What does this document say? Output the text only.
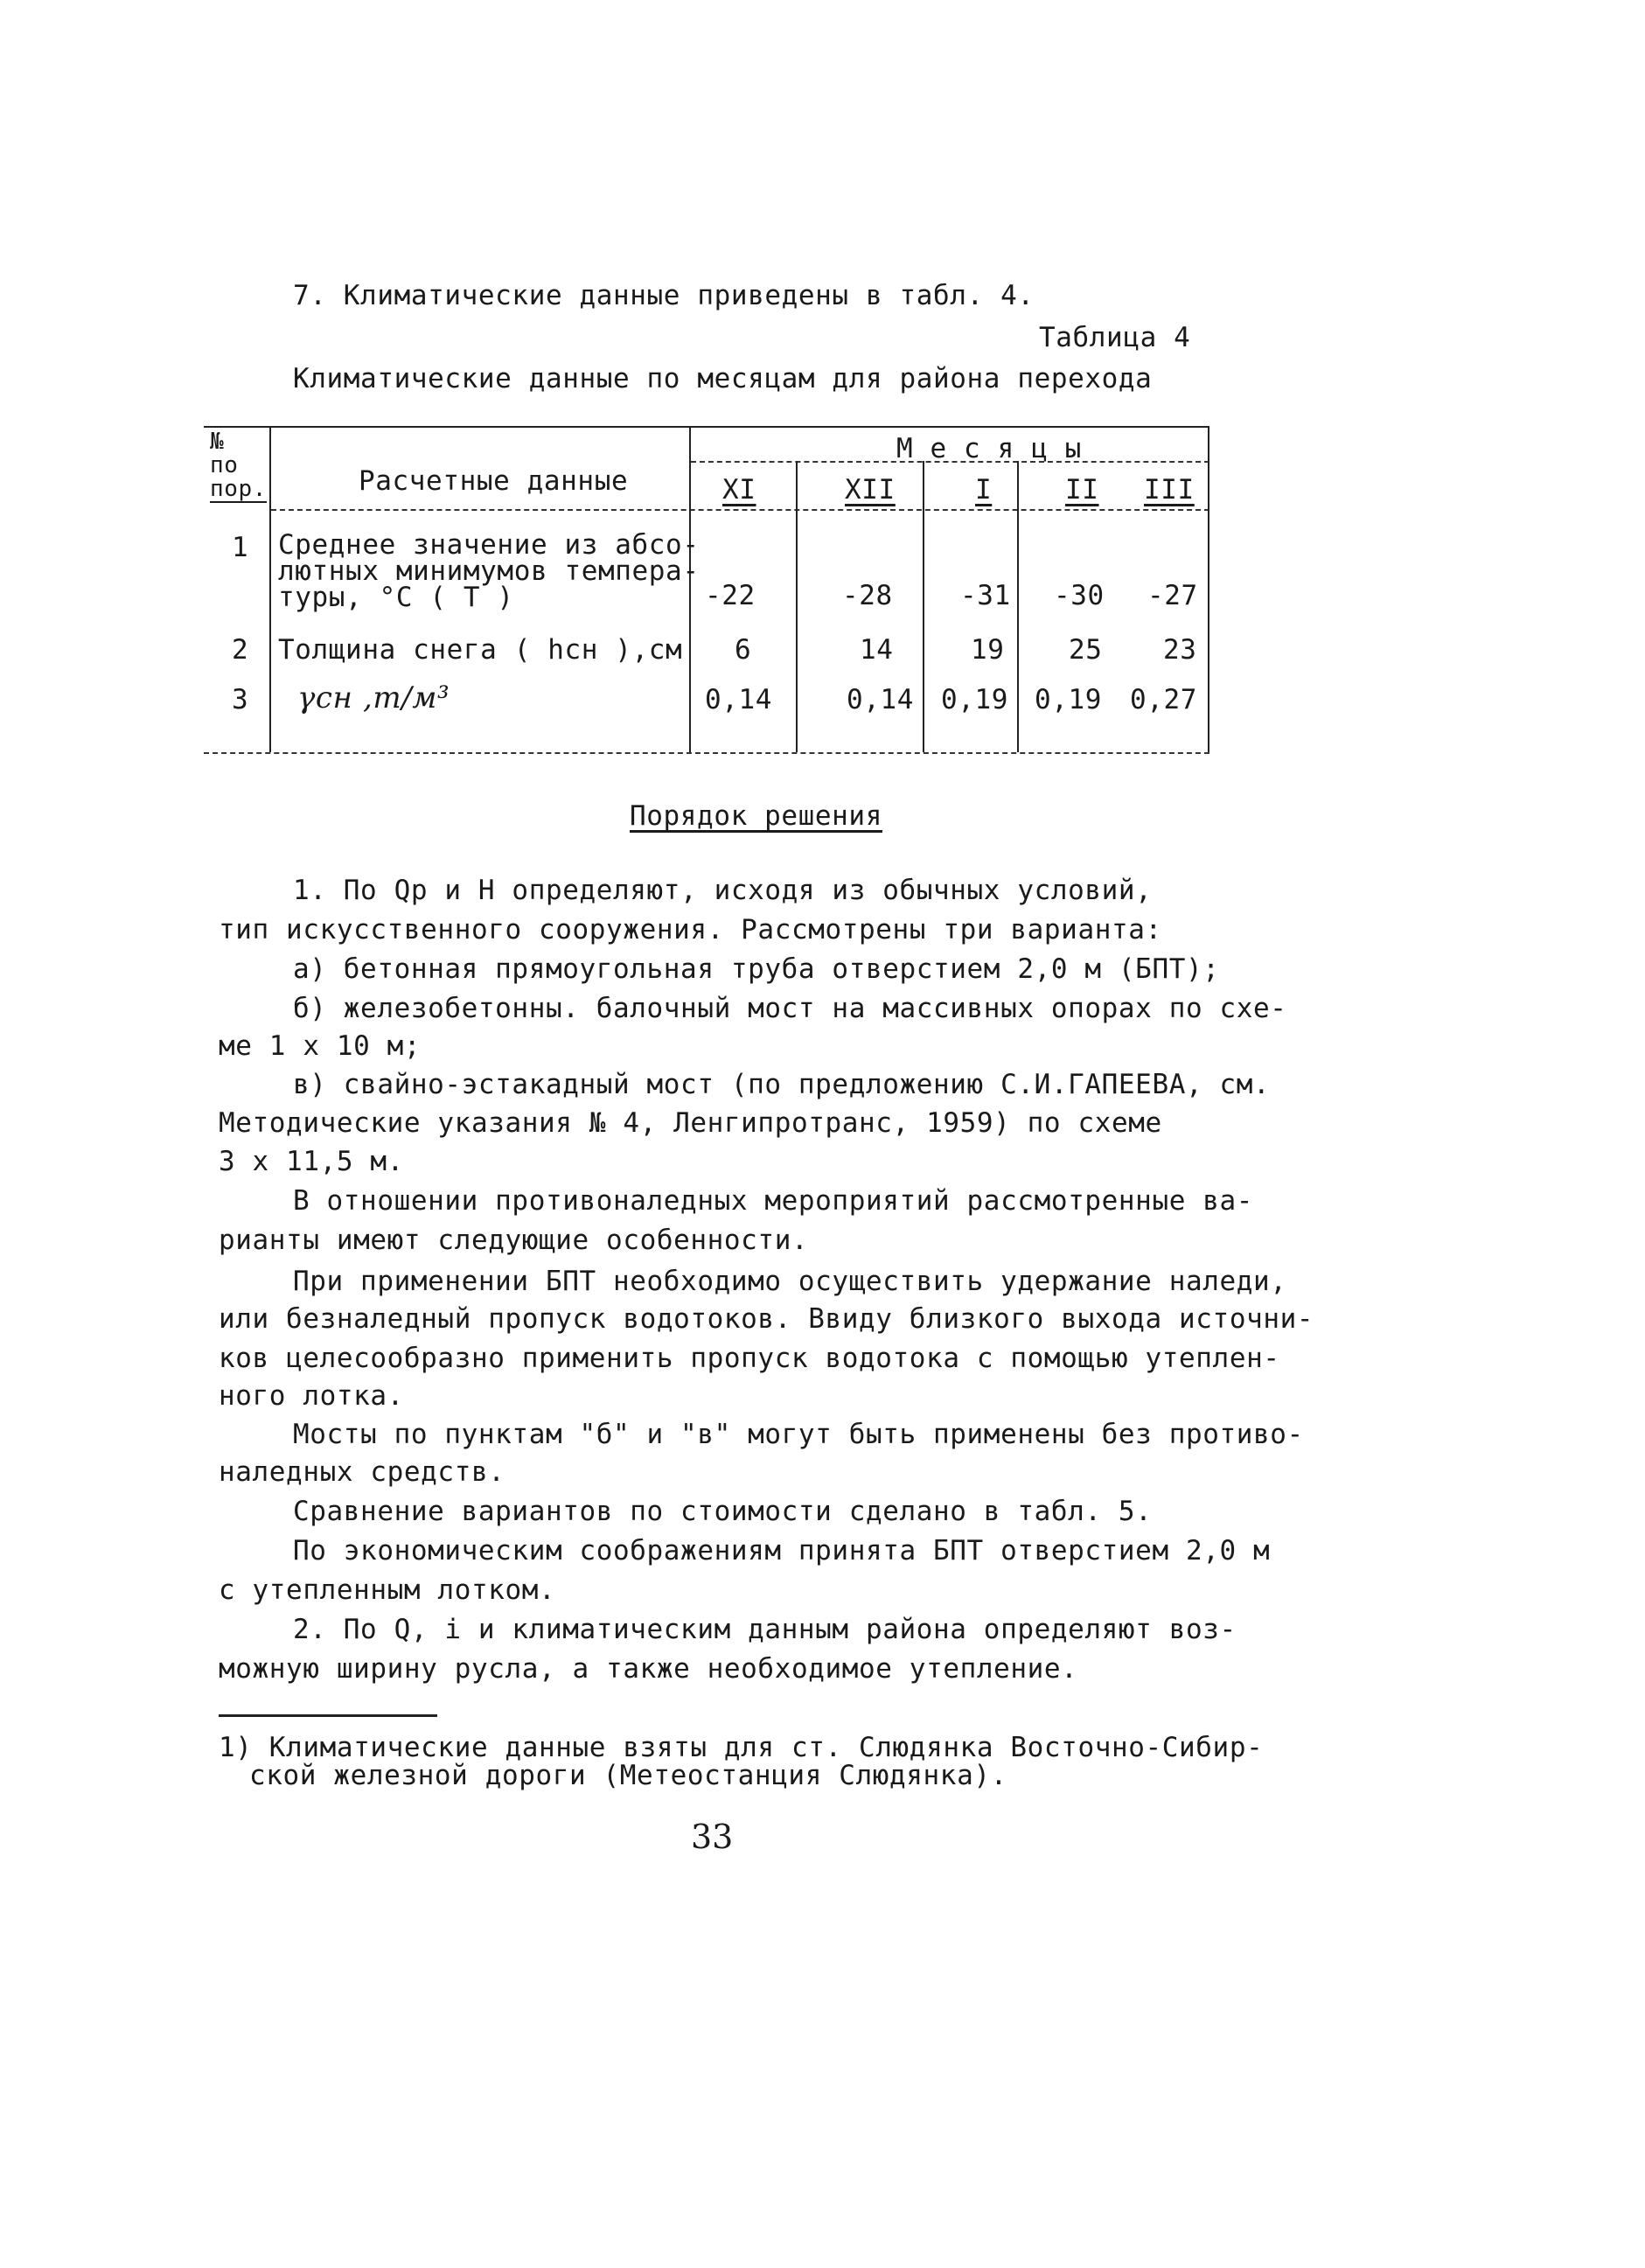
7. Климатические данные приведены в табл. 4.
Таблица 4
Климатические данные по месяцам для района перехода
№
по
пор.	Расчетные данные
М е с я ц ы
XI	XII	I	II III
1 Среднее значение из абсо-
лютных минимумов темпера-
туры, °С ( T )	-22	-28 -31 -30 -27
2 Толщина снега ( hсн ),см 6	14	19 25 23
3 γсн ,т/м³	0,14	0,14 0,19 0,19 0,27
Порядок решения
1. По Qр и H определяют, исходя из обычных условий,
тип искусственного сооружения. Рассмотрены три варианта:
а) бетонная прямоугольная труба отверстием 2,0 м (БПТ);
б) железобетонны. балочный мост на массивных опорах по схе-
ме 1 х 10 м;
в) свайно-эстакадный мост (по предложению С.И.ГАПЕЕВА, см.
Методические указания № 4, Ленгипротранс, 1959) по схеме
3 х 11,5 м.
В отношении противоналедных мероприятий рассмотренные ва-
рианты имеют следующие особенности.
При применении БПТ необходимо осуществить удержание наледи,
или безналедный пропуск водотоков. Ввиду близкого выхода источни-
ков целесообразно применить пропуск водотока с помощью утеплен-
ного лотка.
Мосты по пунктам "б" и "в" могут быть применены без противо-
наледных средств.
Сравнение вариантов по стоимости сделано в табл. 5.
По экономическим соображениям принята БПТ отверстием 2,0 м
с утепленным лотком.
2. По Q, i и климатическим данным района определяют воз-
можную ширину русла, а также необходимое утепление.
1) Климатические данные взяты для ст. Слюдянка Восточно-Сибир-
ской железной дороги (Метеостанция Слюдянка).
33
